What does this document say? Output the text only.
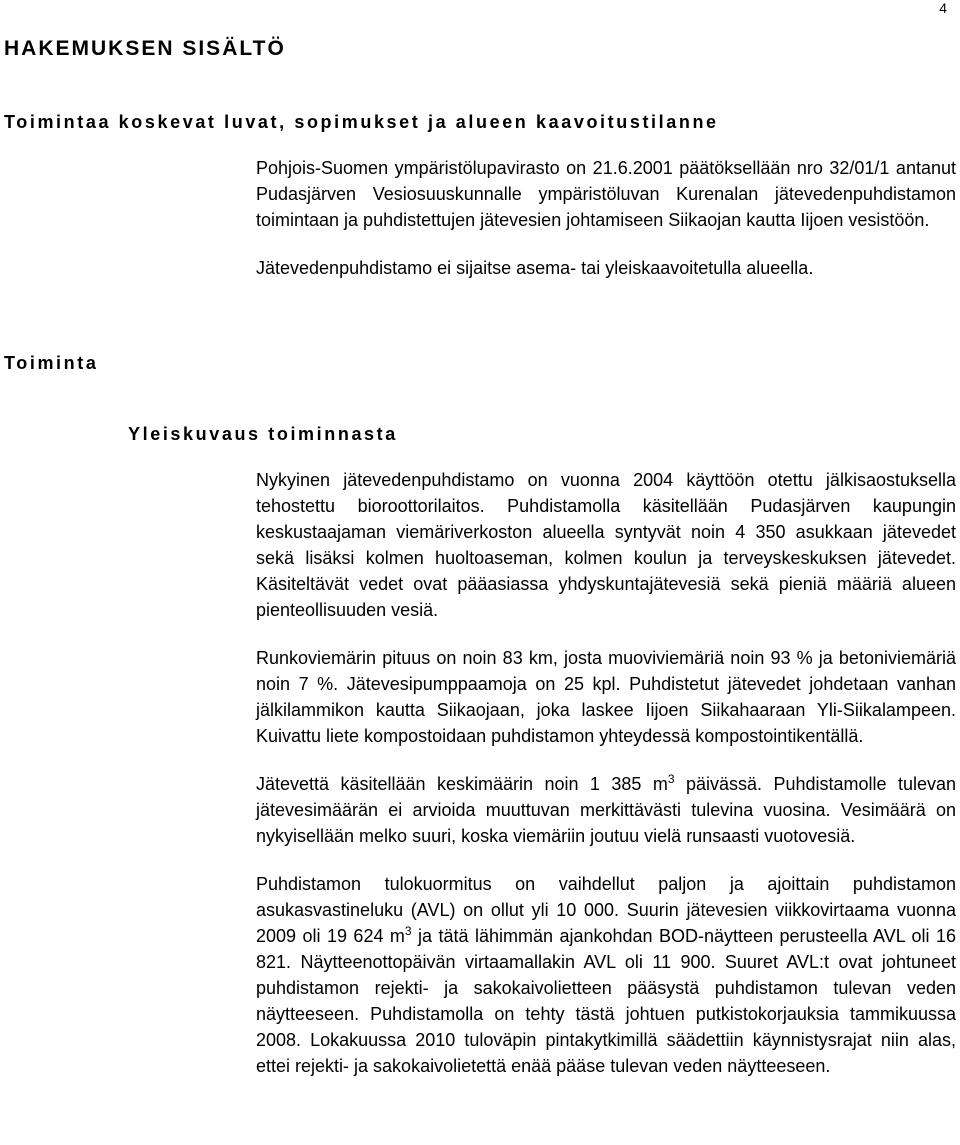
4
HAKEMUKSEN SISÄLTÖ
Toimintaa koskevat luvat, sopimukset ja alueen kaavoitustilanne

Pohjois-Suomen ympäristölupavirasto on 21.6.2001 päätöksellään nro 32/01/1 antanut Pudasjärven Vesiosuuskunnalle ympäristöluvan Kurenalan jätevedenpuhdistamon toimintaan ja puhdistettujen jätevesien johtamiseen Siikaojan kautta Iijoen vesistöön.

Jätevedenpuhdistamo ei sijaitse asema- tai yleiskaavoitetulla alueella.

Toiminta
Yleiskuvaus toiminnasta

Nykyinen jätevedenpuhdistamo on vuonna 2004 käyttöön otettu jälkisaostuksella tehostettu bioroottorilaitos. Puhdistamolla käsitellään Pudasjärven kaupungin keskustaajaman viemäriverkoston alueella syntyvät noin 4 350 asukkaan jätevedet sekä lisäksi kolmen huoltoaseman, kolmen koulun ja terveyskeskuksen jätevedet. Käsiteltävät vedet ovat pääasiassa yhdyskuntajätevesiä sekä pieniä määriä alueen pienteollisuuden vesiä.

Runkoviemärin pituus on noin 83 km, josta muoviviemäriä noin 93 % ja betoniviemäriä noin 7 %. Jätevesipumppaamoja on 25 kpl. Puhdistetut jätevedet johdetaan vanhan jälkilammikon kautta Siikaojaan, joka laskee Iijoen Siikahaaraan Yli-Siikalampeen. Kuivattu liete kompostoidaan puhdistamon yhteydessä kompostointikentällä.

Jätevettä käsitellään keskimäärin noin 1 385 $m^3$ päivässä. Puhdistamolle tulevan jätevesimäärän ei arvioida muuttuvan merkittävästi tulevina vuosina. Vesimäärä on nykyisellään melko suuri, koska viemäriin joutuu vielä runsaasti vuotovesiä.

Puhdistamon tulokuormitus on vaihdellut paljon ja ajoittain puhdistamon asukasvastineluku (AVL) on ollut yli 10 000. Suurin jätevesien viikkovirtaama vuonna 2009 oli 19 624 $m^3$ ja tätä lähimmän ajankohdan BOD-näytteen perusteella AVL oli 16 821. Näytteenottopäivän virtaamallakin AVL oli 11 900. Suuret AVL:t ovat johtuneet puhdistamon rejekti- ja sakokaivolietteen pääsystä puhdistamon tulevan veden näytteeseen. Puhdistamolla on tehty tästä johtuen putkistokorjauksia tammikuussa 2008. Lokakuussa 2010 tuloväpin pintakytkimillä säädettiin käynnistysrajat niin alas, ettei rejekti- ja sakokaivolietettä enää pääse tulevan veden näytteeseen.
